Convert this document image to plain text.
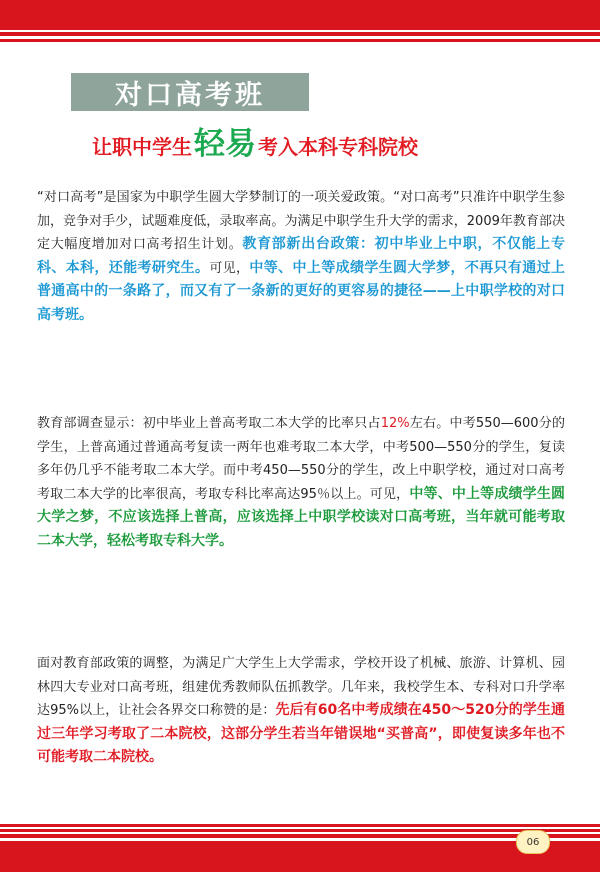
对口高考班
让职中学生 轻易 考入本科专科院校
“对口高考”是国家为中职学生圆大学梦制订的一项关爱政策。“对口高考”只准许中职学生参加，竞争对手少，试题难度低，录取率高。为满足中职学生升大学的需求，2009年教育部决定大幅度增加对口高考招生计划。教育部新出台政策：初中毕业上中职，不仅能上专科、本科，还能考研究生。可见，中等、中上等成绩学生圆大学梦，不再只有通过上普通高中的一条路了，而又有了一条新的更好的更容易的捷径——上中职学校的对口高考班。
教育部调查显示：初中毕业上普高考取二本大学的比率只占12%左右。中考550—600分的学生，上普高通过普通高考复读一两年也难考取二本大学，中考500—550分的学生，复读多年仍几乎不能考取二本大学。而中考450—550分的学生，改上中职学校，通过对口高考考取二本大学的比率很高，考取专科比率高达95％以上。可见，中等、中上等成绩学生圆大学之梦，不应该选择上普高，应该选择上中职学校读对口高考班，当年就可能考取二本大学，轻松考取专科大学。
面对教育部政策的调整，为满足广大学生上大学需求，学校开设了机械、旅游、计算机、园林四大专业对口高考班，组建优秀教师队伍抓教学。几年来，我校学生本、专科对口升学率达95%以上，让社会各界交口称赞的是：先后有60名中考成绩在450～520分的学生通过三年学习考取了二本院校，这部分学生若当年错误地“买普高”，即使复读多年也不可能考取二本院校。
06
